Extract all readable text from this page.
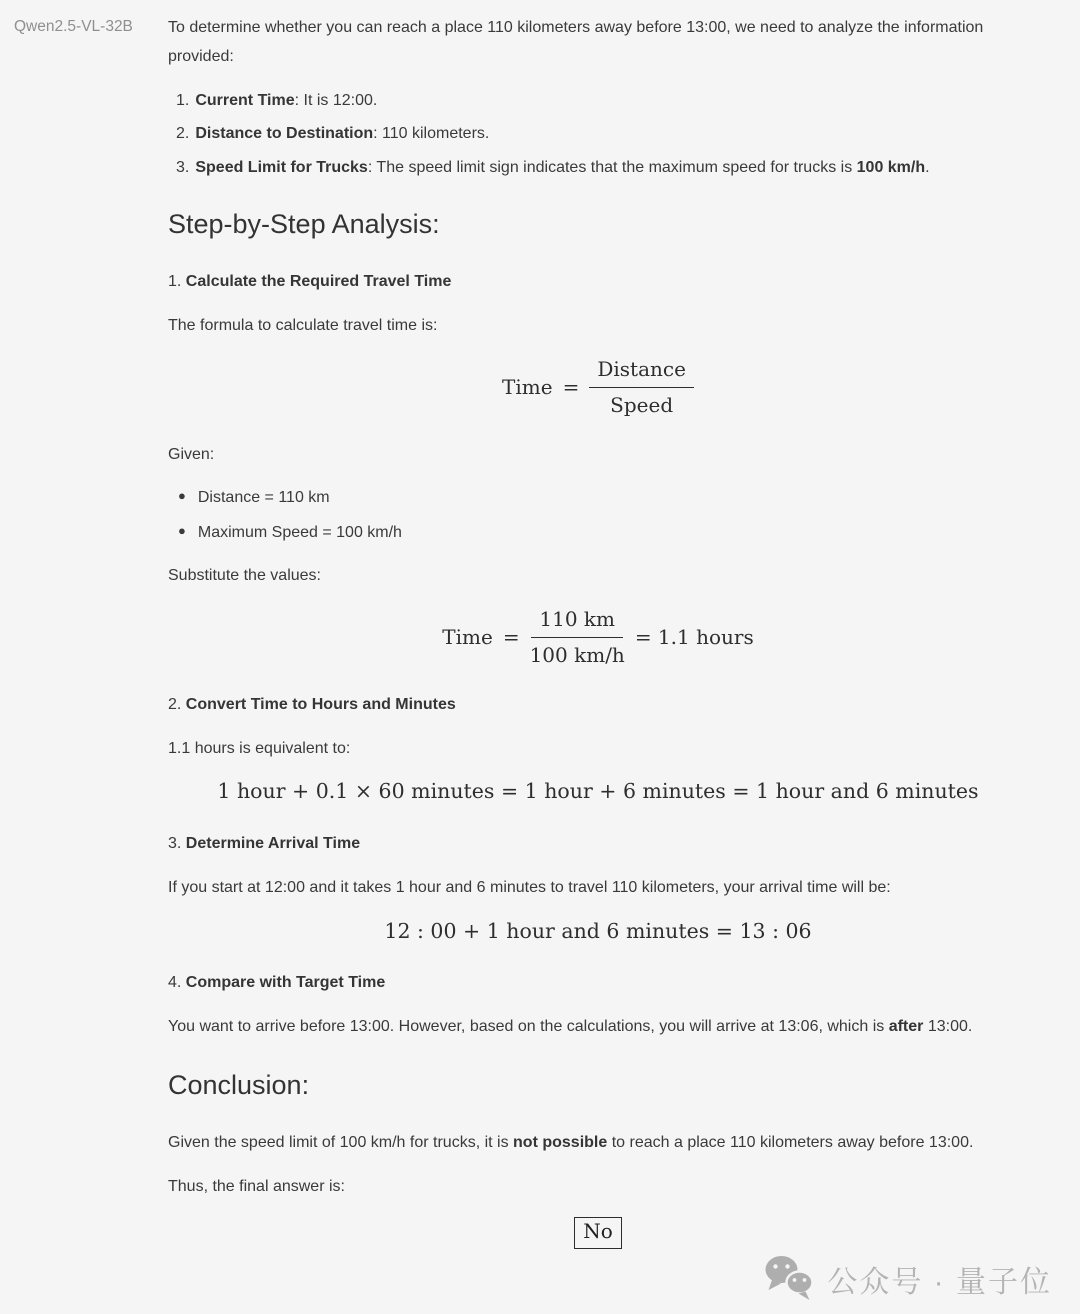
Qwen2.5-VL-32B	To determine whether you can reach a place 110 kilometers away before 13:00, we need to analyze the information provided:

1. Current Time: It is 12:00.
2. Distance to Destination: 110 kilometers.
3. Speed Limit for Trucks: The speed limit sign indicates that the maximum speed for trucks is 100 km/h.
Step-by-Step Analysis:

1. Calculate the Required Travel Time

The formula to calculate travel time is:

Time = $\frac{\text{Distance}}{\text{Speed}}$

Given:

● Distance = 110 km
● Maximum Speed = 100 km/h

Substitute the values:

Time = $\frac{110 km}{100 km/h} = 1.1$ hours

2. Convert Time to Hours and Minutes

1.1 hours is equivalent to:

1 hour + 0.1 × 60 minutes = 1 hour + 6 minutes = 1 hour and 6 minutes

3. Determine Arrival Time

If you start at 12:00 and it takes 1 hour and 6 minutes to travel 110 kilometers, your arrival time will be:

12 : 00 + 1 hour and 6 minutes = 13 : 06

4. Compare with Target Time

You want to arrive before 13:00. However, based on the calculations, you will arrive at 13:06, which is after 13:00.

Conclusion:

Given the speed limit of 100 km/h for trucks, it is not possible to reach a place 110 kilometers away before 13:00.

Thus, the final answer is:

No
公众号 · 量子位
